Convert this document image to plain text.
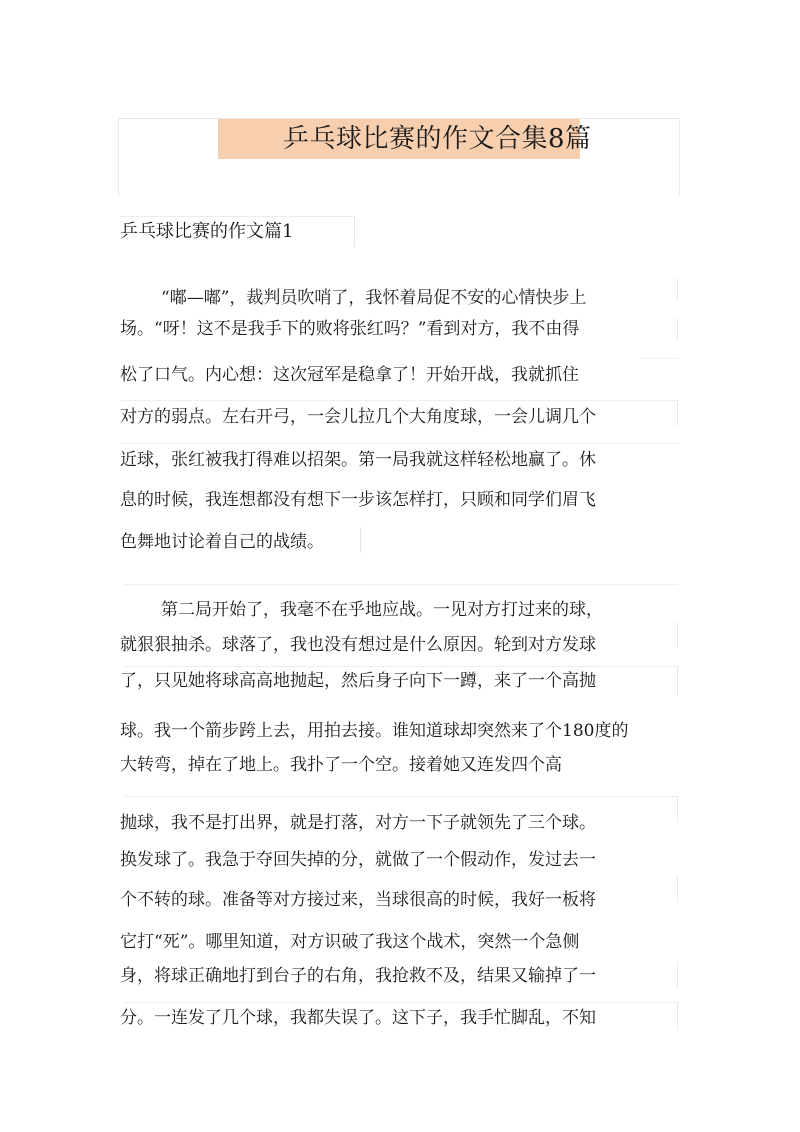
乒乓球比赛的作文合集8篇
乒乓球比赛的作文篇1
“嘟—嘟”，裁判员吹哨了，我怀着局促不安的心情快步上
场。“呀！这不是我手下的败将张红吗？”看到对方，我不由得
松了口气。内心想：这次冠军是稳拿了！开始开战，我就抓住
对方的弱点。左右开弓，一会儿拉几个大角度球，一会儿调几个
近球，张红被我打得难以招架。第一局我就这样轻松地赢了。休
息的时候，我连想都没有想下一步该怎样打，只顾和同学们眉飞
色舞地讨论着自己的战绩。
第二局开始了，我毫不在乎地应战。一见对方打过来的球，
就狠狠抽杀。球落了，我也没有想过是什么原因。轮到对方发球
了，只见她将球高高地抛起，然后身子向下一蹲，来了一个高抛
球。我一个箭步跨上去，用拍去接。谁知道球却突然来了个180度的
大转弯，掉在了地上。我扑了一个空。接着她又连发四个高
抛球，我不是打出界，就是打落，对方一下子就领先了三个球。
换发球了。我急于夺回失掉的分，就做了一个假动作，发过去一
个不转的球。准备等对方接过来，当球很高的时候，我好一板将
它打“死”。哪里知道，对方识破了我这个战术，突然一个急侧
身，将球正确地打到台子的右角，我抢救不及，结果又输掉了一
分。一连发了几个球，我都失误了。这下子，我手忙脚乱，不知
